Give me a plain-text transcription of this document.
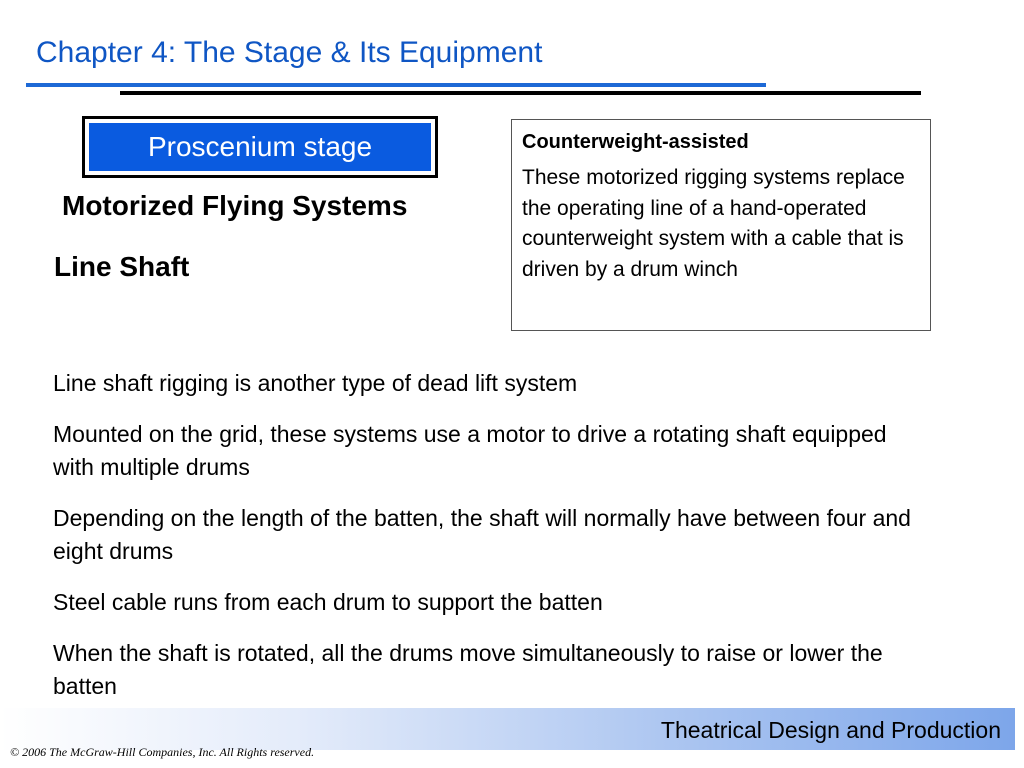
Chapter 4: The Stage & Its Equipment
Proscenium stage
Motorized Flying Systems
Line Shaft

Counterweight-assisted

These motorized rigging systems replace the operating line of a hand-operated counterweight system with a cable that is driven by a drum winch

Line shaft rigging is another type of dead lift system
Mounted on the grid, these systems use a motor to drive a rotating shaft equipped with multiple drums
Depending on the length of the batten, the shaft will normally have between four and eight drums
Steel cable runs from each drum to support the batten
When the shaft is rotated, all the drums move simultaneously to raise or lower the batten
Theatrical Design and Production
© 2006 The McGraw-Hill Companies, Inc. All Rights reserved.
